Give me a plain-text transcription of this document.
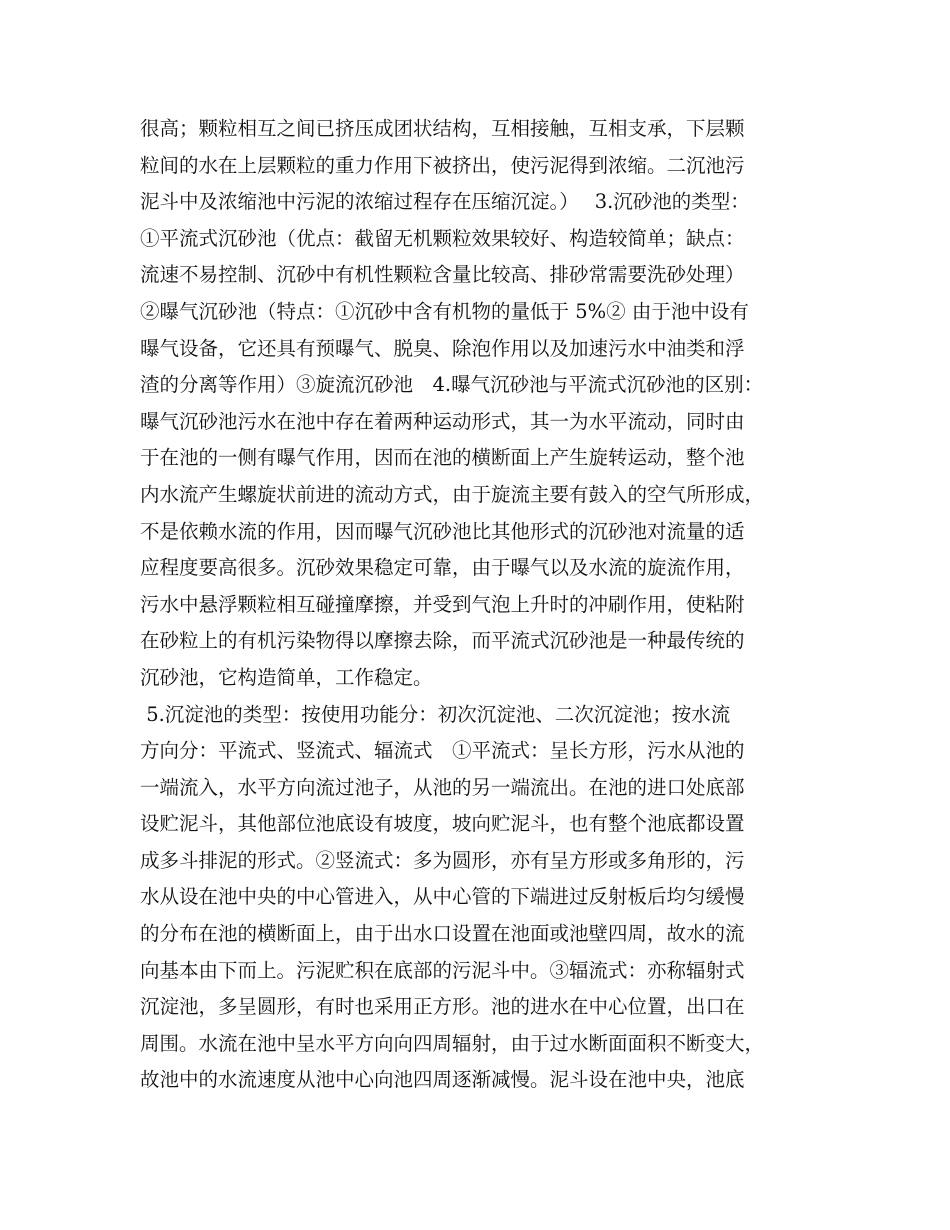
很高；颗粒相互之间已挤压成团状结构，互相接触，互相支承，下层颗
粒间的水在上层颗粒的重力作用下被挤出，使污泥得到浓缩。二沉池污
泥斗中及浓缩池中污泥的浓缩过程存在压缩沉淀。）　 3.沉砂池的类型：
①平流式沉砂池（优点：截留无机颗粒效果较好、构造较简单；缺点：
流速不易控制、沉砂中有机性颗粒含量比较高、排砂常需要洗砂处理）
②曝气沉砂池（特点：①沉砂中含有机物的量低于 5%② 由于池中设有
曝气设备，它还具有预曝气、脱臭、除泡作用以及加速污水中油类和浮
渣的分离等作用）③旋流沉砂池　4.曝气沉砂池与平流式沉砂池的区别：
曝气沉砂池污水在池中存在着两种运动形式，其一为水平流动，同时由
于在池的一侧有曝气作用，因而在池的横断面上产生旋转运动，整个池
内水流产生螺旋状前进的流动方式，由于旋流主要有鼓入的空气所形成，
不是依赖水流的作用，因而曝气沉砂池比其他形式的沉砂池对流量的适
应程度要高很多。沉砂效果稳定可靠，由于曝气以及水流的旋流作用，
污水中悬浮颗粒相互碰撞摩擦，并受到气泡上升时的冲刷作用，使粘附
在砂粒上的有机污染物得以摩擦去除，而平流式沉砂池是一种最传统的
沉砂池，它构造简单，工作稳定。
5.沉淀池的类型：按使用功能分：初次沉淀池、二次沉淀池；按水流
方向分：平流式、竖流式、辐流式　①平流式：呈长方形，污水从池的
一端流入，水平方向流过池子，从池的另一端流出。在池的进口处底部
设贮泥斗，其他部位池底设有坡度，坡向贮泥斗，也有整个池底都设置
成多斗排泥的形式。②竖流式：多为圆形，亦有呈方形或多角形的，污
水从设在池中央的中心管进入，从中心管的下端进过反射板后均匀缓慢
的分布在池的横断面上，由于出水口设置在池面或池壁四周，故水的流
向基本由下而上。污泥贮积在底部的污泥斗中。③辐流式：亦称辐射式
沉淀池，多呈圆形，有时也采用正方形。池的进水在中心位置，出口在
周围。水流在池中呈水平方向向四周辐射，由于过水断面面积不断变大，
故池中的水流速度从池中心向池四周逐渐减慢。泥斗设在池中央，池底
